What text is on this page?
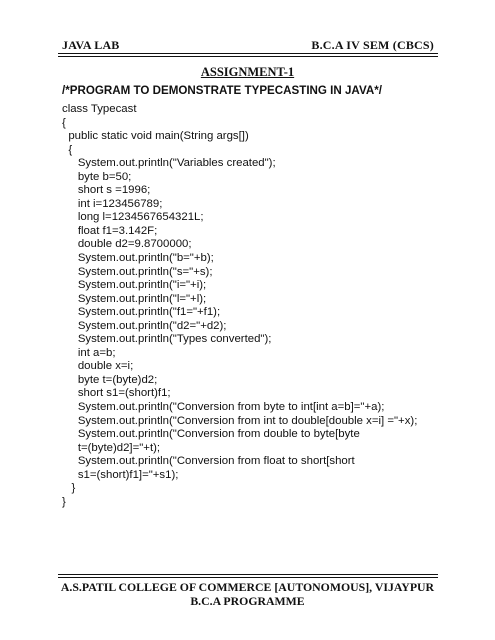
JAVA LAB	B.C.A IV SEM (CBCS)
ASSIGNMENT-1
/*PROGRAM TO DEMONSTRATE TYPECASTING IN JAVA*/
class Typecast
{
public static void main(String args[])
{
System.out.println("Variables created");
byte b=50;
short s =1996;
int i=123456789;
long l=1234567654321L;
float f1=3.142F;
double d2=9.8700000;
System.out.println("b="+b);
System.out.println("s="+s);
System.out.println("i="+i);
System.out.println("l="+l);
System.out.println("f1="+f1);
System.out.println("d2="+d2);
System.out.println("Types converted");
int a=b;
double x=i;
byte t=(byte)d2;
short s1=(short)f1;
System.out.println("Conversion from byte to int[int a=b]="+a);
System.out.println("Conversion from int to double[double x=i] ="+x);
System.out.println("Conversion from double to byte[byte
t=(byte)d2]="+t);
System.out.println("Conversion from float to short[short
s1=(short)f1]="+s1);
}
}
A.S.PATIL COLLEGE OF COMMERCE [AUTONOMOUS], VIJAYPUR
B.C.A PROGRAMME
